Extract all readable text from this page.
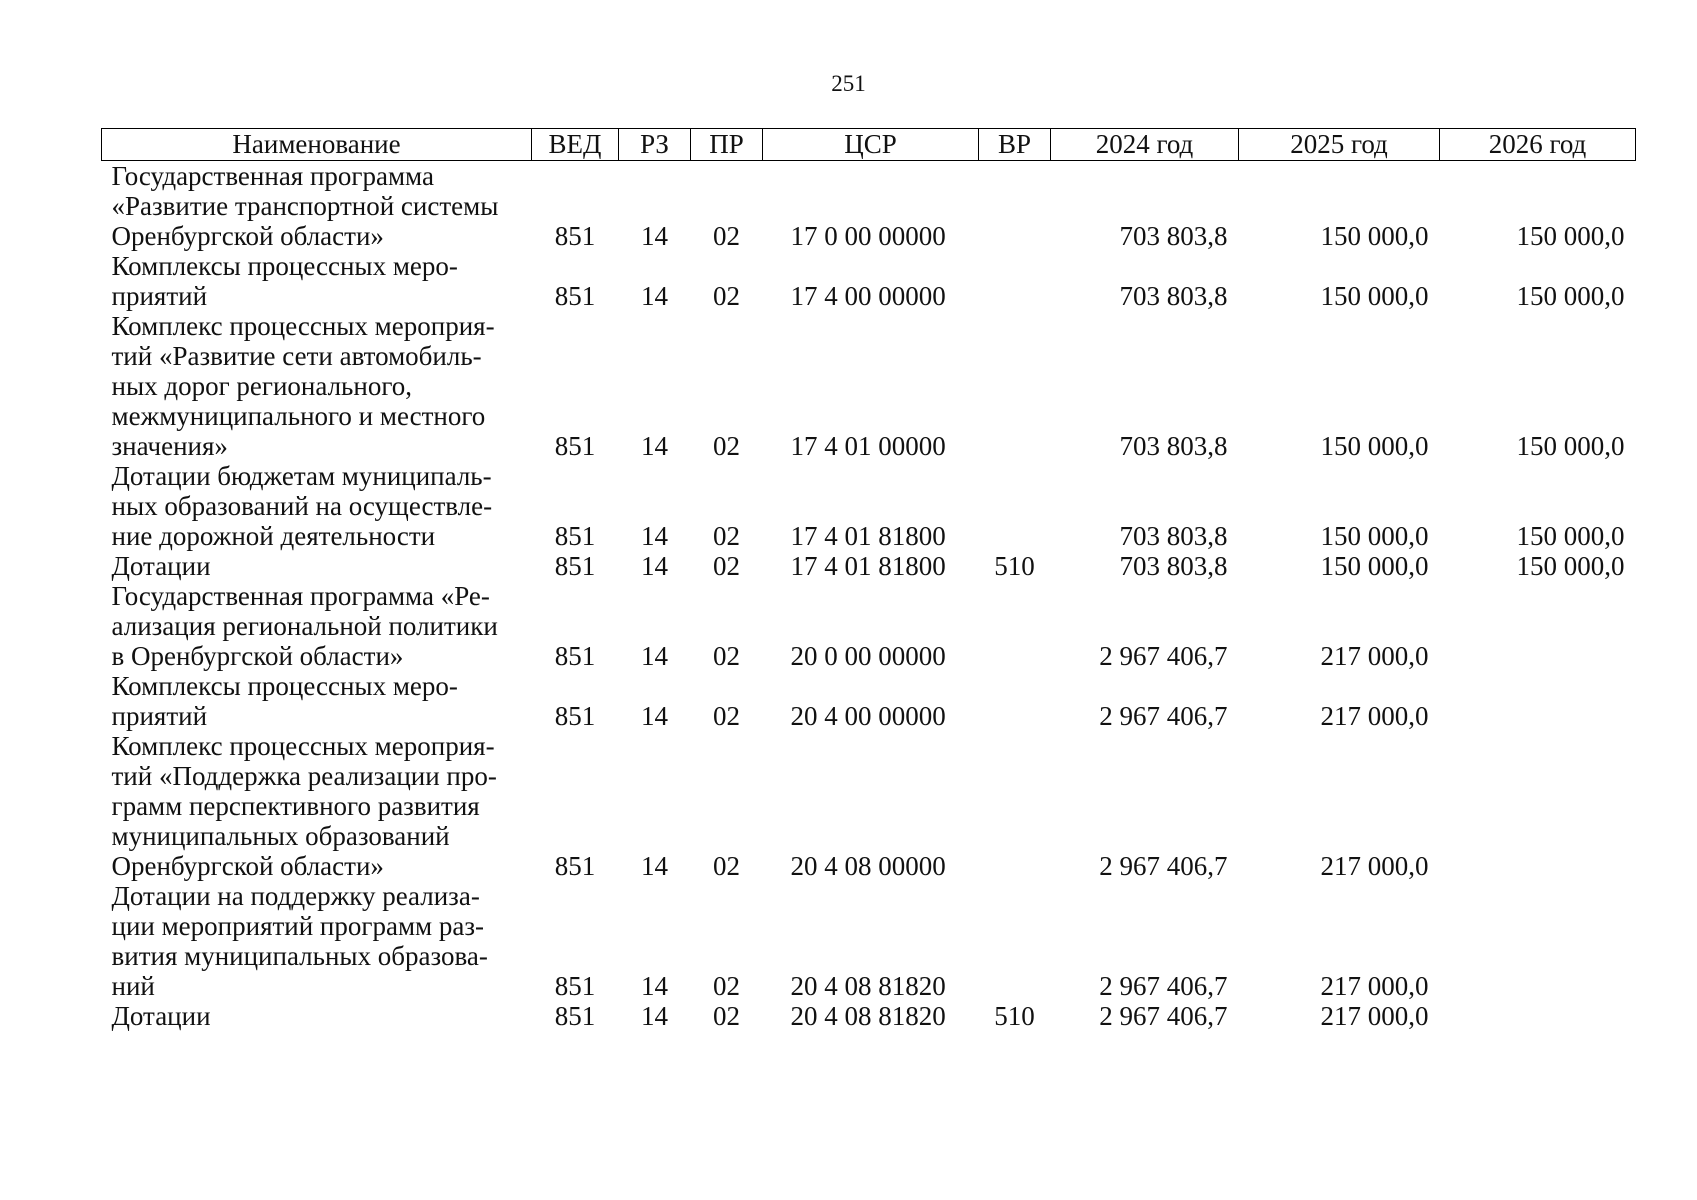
251
Наименование	ВЕД	РЗ	ПР	ЦСР	ВР	2024 год	2025 год	2026 год

Государственная программа
«Развитие транспортной системы
Оренбургской области»	851	14	02	17 0 00 00000		703 803,8	150 000,0	150 000,0

Комплексы процессных меро-
приятий	851	14	02	17 4 00 00000		703 803,8	150 000,0	150 000,0

Комплекс процессных мероприя-
тий «Развитие сети автомобиль-
ных дорог регионального,
межмуниципального и местного
значения»	851	14	02	17 4 01 00000		703 803,8	150 000,0	150 000,0

Дотации бюджетам муниципаль-
ных образований на осуществле-
ние дорожной деятельности	851	14	02	17 4 01 81800		703 803,8	150 000,0	150 000,0

Дотации	851	14	02	17 4 01 81800	510	703 803,8	150 000,0	150 000,0

Государственная программа «Ре-
ализация региональной политики
в Оренбургской области»	851	14	02	20 0 00 00000		2 967 406,7	217 000,0	

Комплексы процессных меро-
приятий	851	14	02	20 4 00 00000		2 967 406,7	217 000,0	

Комплекс процессных мероприя-
тий «Поддержка реализации про-
грамм перспективного развития
муниципальных образований
Оренбургской области»	851	14	02	20 4 08 00000		2 967 406,7	217 000,0	

Дотации на поддержку реализа-
ции мероприятий программ раз-
вития муниципальных образова-
ний	851	14	02	20 4 08 81820		2 967 406,7	217 000,0	

Дотации	851	14	02	20 4 08 81820	510	2 967 406,7	217 000,0	
